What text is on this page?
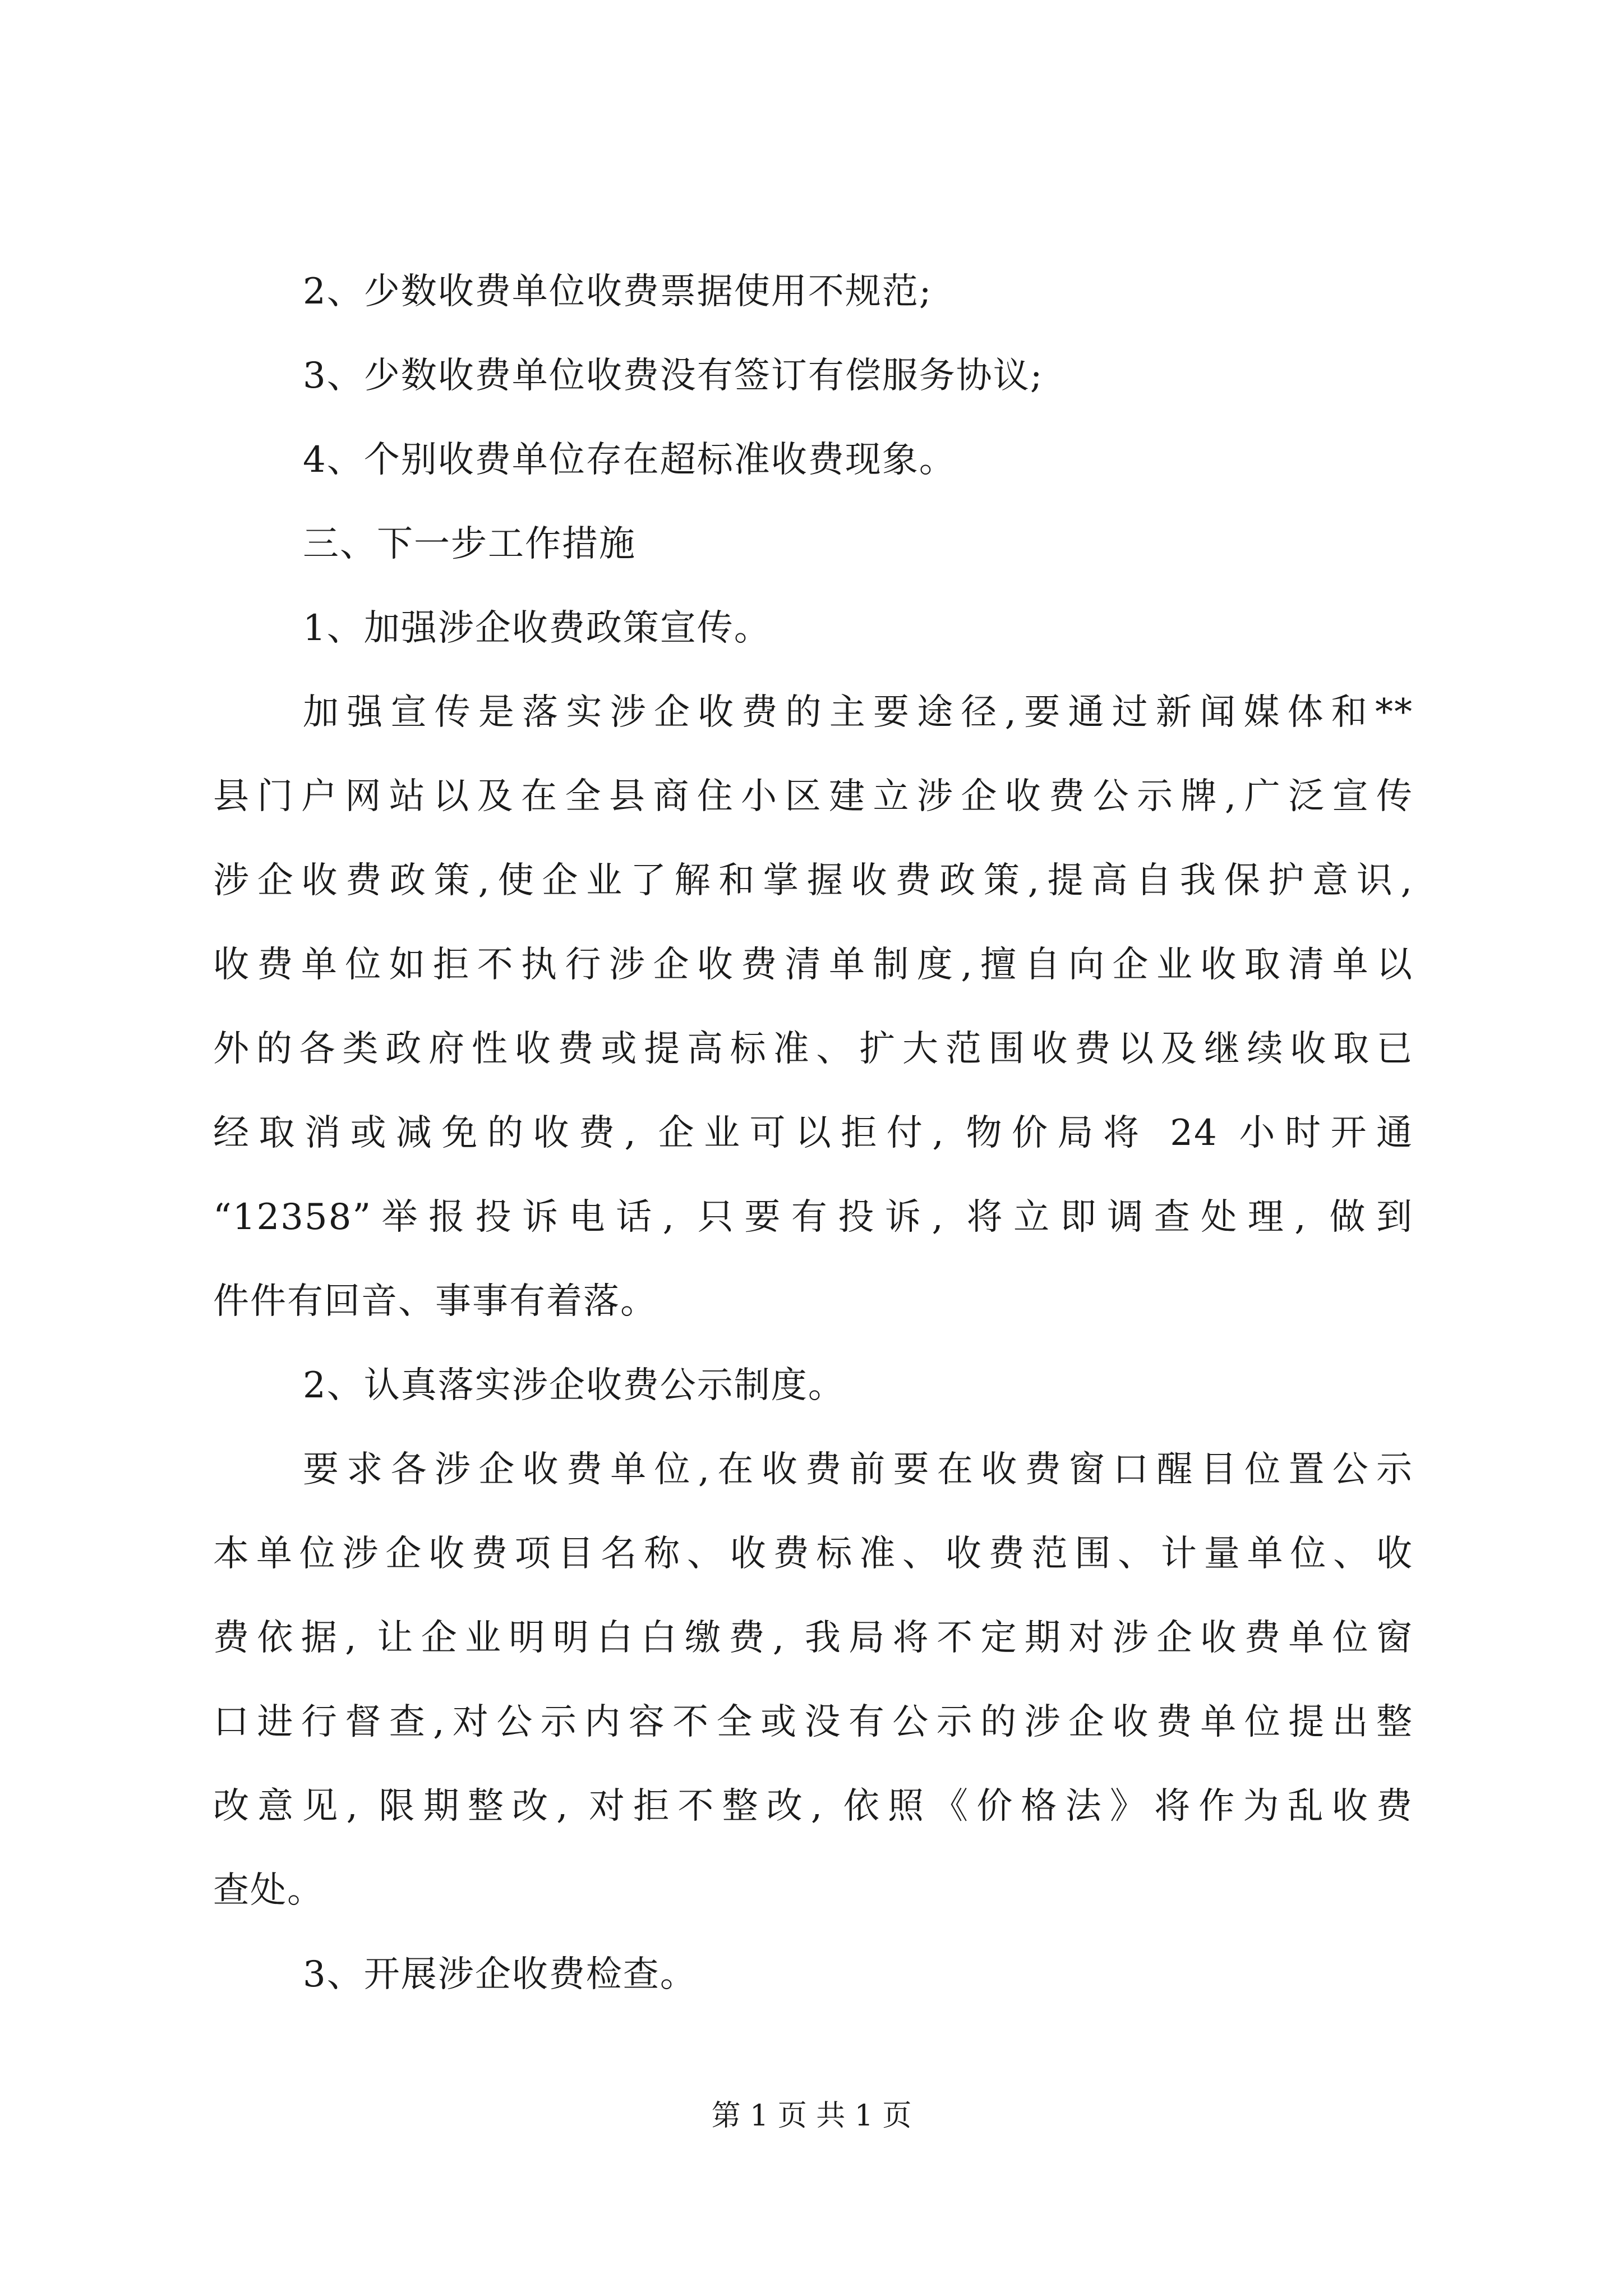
2、少数收费单位收费票据使用不规范;
3、少数收费单位收费没有签订有偿服务协议;
4、个别收费单位存在超标准收费现象。
三、下一步工作措施
1、加强涉企收费政策宣传。
加强宣传是落实涉企收费的主要途径,要通过新闻媒体和**
县门户网站以及在全县商住小区建立涉企收费公示牌,广泛宣传
涉企收费政策,使企业了解和掌握收费政策,提高自我保护意识,
收费单位如拒不执行涉企收费清单制度,擅自向企业收取清单以
外的各类政府性收费或提高标准、扩大范围收费以及继续收取已
经取消或减免的收费, 企业可以拒付, 物价局将 24 小时开通
“12358”举报投诉电话, 只要有投诉, 将立即调查处理, 做到
件件有回音、事事有着落。
2、认真落实涉企收费公示制度。
要求各涉企收费单位,在收费前要在收费窗口醒目位置公示
本单位涉企收费项目名称、收费标准、收费范围、计量单位、收
费依据, 让企业明明白白缴费, 我局将不定期对涉企收费单位窗
口进行督查,对公示内容不全或没有公示的涉企收费单位提出整
改意见, 限期整改, 对拒不整改, 依照《价格法》将作为乱收费
查处。
3、开展涉企收费检查。
第 1 页 共 1 页
